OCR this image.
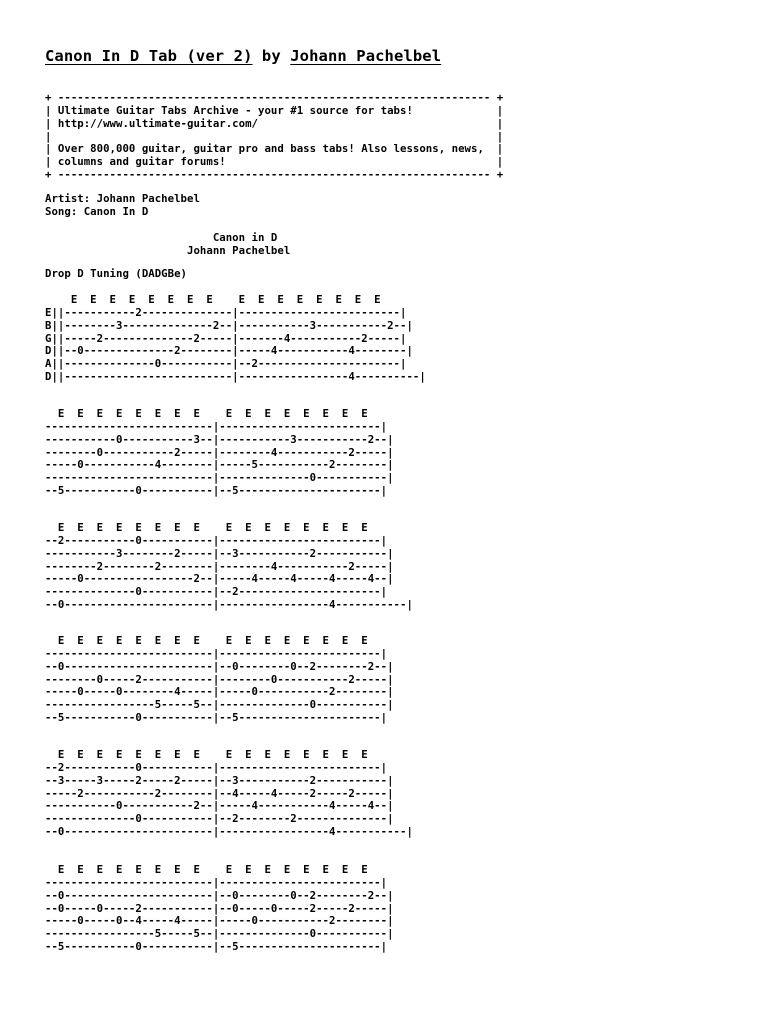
Canon In D Tab (ver 2) by Johann Pachelbel
+ ------------------------------------------------------------------- +
| Ultimate Guitar Tabs Archive - your #1 source for tabs!             |
| http://www.ultimate-guitar.com/                                     |
|                                                                     |
| Over 800,000 guitar, guitar pro and bass tabs! Also lessons, news,  |
| columns and guitar forums!                                          |
+ ------------------------------------------------------------------- +
Artist: Johann Pachelbel
Song: Canon In D
Canon in D
Johann Pachelbel
Drop D Tuning (DADGBe)
E  E  E  E  E  E  E  E    E  E  E  E  E  E  E  E
E||-----------2--------------|-------------------------|
B||--------3--------------2--|-----------3-----------2--|
G||-----2--------------2-----|-------4-----------2-----|
D||--0--------------2--------|-----4-----------4--------|
A||--------------0-----------|--2----------------------|
D||--------------------------|-----------------4----------|
E  E  E  E  E  E  E  E    E  E  E  E  E  E  E  E
--------------------------|-------------------------|
-----------0-----------3--|-----------3-----------2--|
--------0-----------2-----|--------4-----------2-----|
-----0-----------4--------|-----5-----------2--------|
--------------------------|--------------0-----------|
--5-----------0-----------|--5----------------------|
E  E  E  E  E  E  E  E    E  E  E  E  E  E  E  E
--2-----------0-----------|-------------------------|
-----------3--------2-----|--3-----------2-----------|
--------2--------2--------|--------4-----------2-----|
-----0-----------------2--|-----4-----4-----4-----4--|
--------------0-----------|--2----------------------|
--0-----------------------|-----------------4-----------|
E  E  E  E  E  E  E  E    E  E  E  E  E  E  E  E
--------------------------|-------------------------|
--0-----------------------|--0--------0--2--------2--|
--------0-----2-----------|--------0-----------2-----|
-----0-----0--------4-----|-----0-----------2--------|
-----------------5-----5--|--------------0-----------|
--5-----------0-----------|--5----------------------|
E  E  E  E  E  E  E  E    E  E  E  E  E  E  E  E
--2-----------0-----------|-------------------------|
--3-----3-----2-----2-----|--3-----------2-----------|
-----2-----------2--------|--4-----4-----2-----2-----|
-----------0-----------2--|-----4-----------4-----4--|
--------------0-----------|--2--------2--------------|
--0-----------------------|-----------------4-----------|
E  E  E  E  E  E  E  E    E  E  E  E  E  E  E  E
--------------------------|-------------------------|
--0-----------------------|--0--------0--2--------2--|
--0-----0-----2-----------|--0-----0-----2-----2-----|
-----0-----0--4-----4-----|-----0-----------2--------|
-----------------5-----5--|--------------0-----------|
--5-----------0-----------|--5----------------------|
